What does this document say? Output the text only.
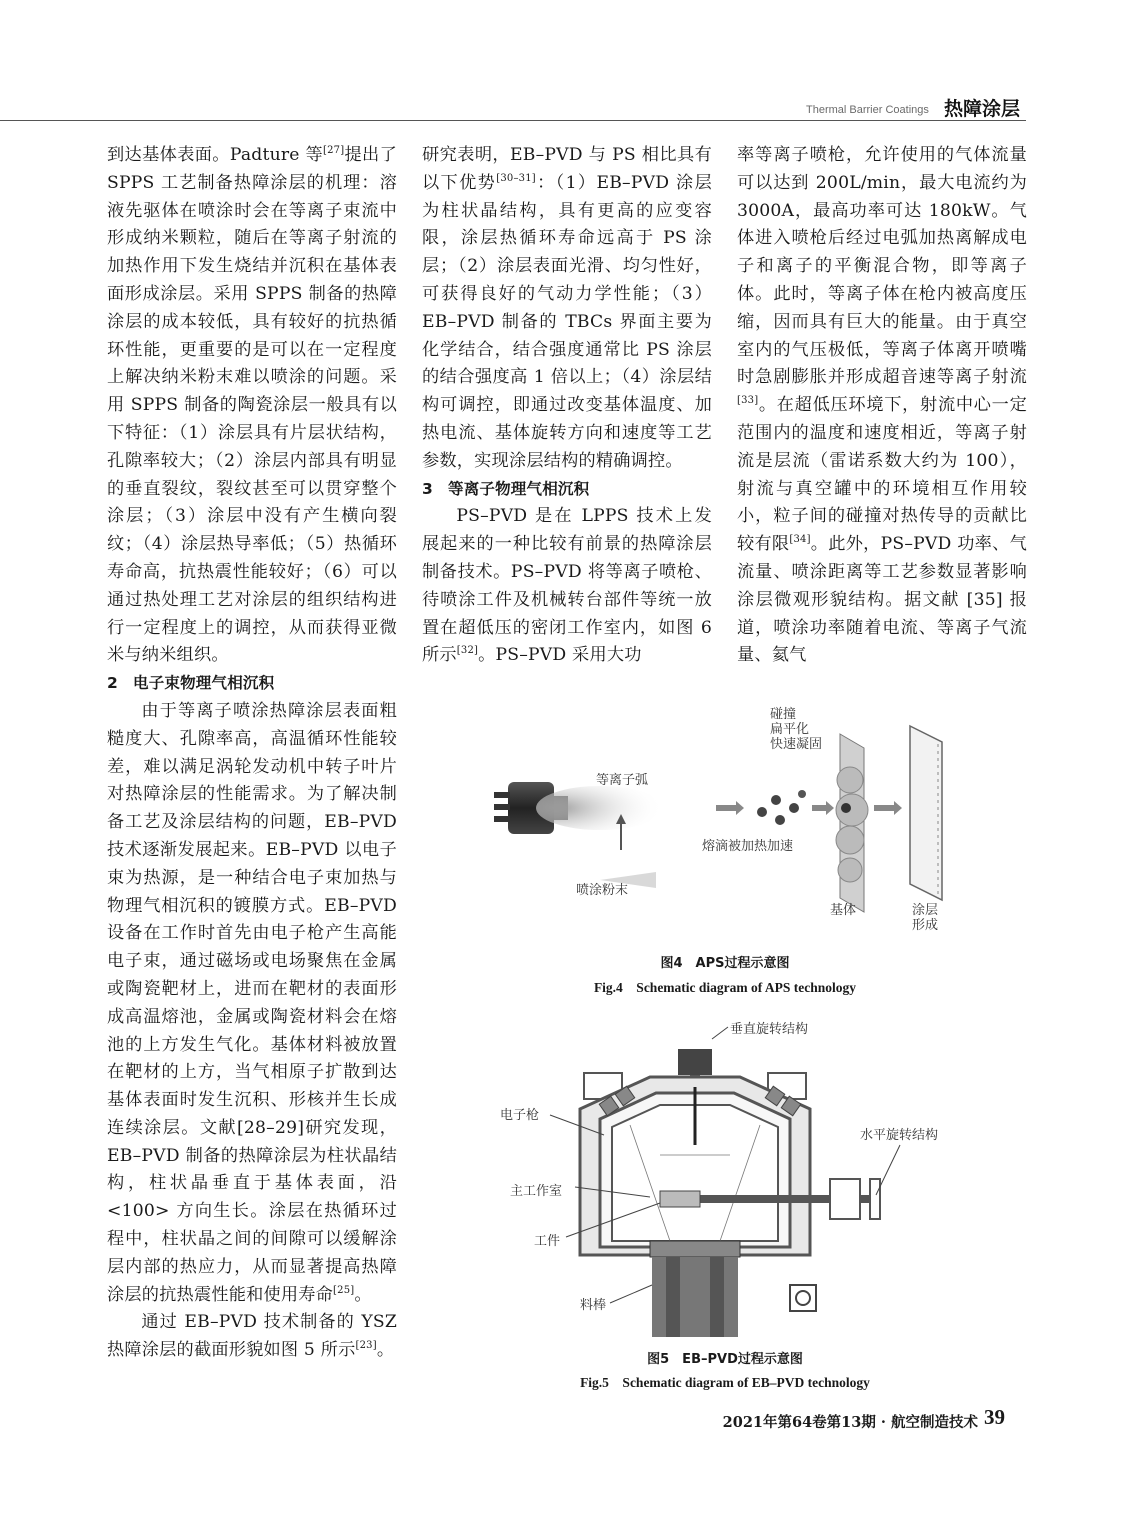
Thermal Barrier Coatings 热障涂层

到达基体表面。Padture 等[27]提出了 SPPS 工艺制备热障涂层的机理：溶液先驱体在喷涂时会在等离子束流中形成纳米颗粒，随后在等离子射流的加热作用下发生烧结并沉积在基体表面形成涂层。采用 SPPS 制备的热障涂层的成本较低，具有较好的抗热循环性能，更重要的是可以在一定程度上解决纳米粉末难以喷涂的问题。采用 SPPS 制备的陶瓷涂层一般具有以下特征：（1）涂层具有片层状结构，孔隙率较大；（2）涂层内部具有明显的垂直裂纹，裂纹甚至可以贯穿整个涂层；（3）涂层中没有产生横向裂纹；（4）涂层热导率低；（5）热循环寿命高，抗热震性能较好；（6）可以通过热处理工艺对涂层的组织结构进行一定程度上的调控，从而获得亚微米与纳米组织。

2 电子束物理气相沉积

由于等离子喷涂热障涂层表面粗糙度大、孔隙率高，高温循环性能较差，难以满足涡轮发动机中转子叶片对热障涂层的性能需求。为了解决制备工艺及涂层结构的问题，EB–PVD 技术逐渐发展起来。EB–PVD 以电子束为热源，是一种结合电子束加热与物理气相沉积的镀膜方式。EB–PVD 设备在工作时首先由电子枪产生高能电子束，通过磁场或电场聚焦在金属或陶瓷靶材上，进而在靶材的表面形成高温熔池，金属或陶瓷材料会在熔池的上方发生气化。基体材料被放置在靶材的上方，当气相原子扩散到达基体表面时发生沉积、形核并生长成连续涂层。文献[28–29]研究发现，EB–PVD 制备的热障涂层为柱状晶结构，柱状晶垂直于基体表面，沿 <100> 方向生长。涂层在热循环过程中，柱状晶之间的间隙可以缓解涂层内部的热应力，从而显著提高热障涂层的抗热震性能和使用寿命[25]。

通过 EB–PVD 技术制备的 YSZ 热障涂层的截面形貌如图 5 所示[23]。

研究表明，EB–PVD 与 PS 相比具有以下优势[30–31]：（1）EB–PVD 涂层为柱状晶结构，具有更高的应变容限，涂层热循环寿命远高于 PS 涂层；（2）涂层表面光滑、均匀性好，可获得良好的气动力学性能；（3）EB–PVD 制备的 TBCs 界面主要为化学结合，结合强度通常比 PS 涂层的结合强度高 1 倍以上；（4）涂层结构可调控，即通过改变基体温度、加热电流、基体旋转方向和速度等工艺参数，实现涂层结构的精确调控。

3 等离子物理气相沉积

PS–PVD 是在 LPPS 技术上发展起来的一种比较有前景的热障涂层制备技术。PS–PVD 将等离子喷枪、待喷涂工件及机械转台部件等统一放置在超低压的密闭工作室内，如图 6 所示[32]。PS–PVD 采用大功

率等离子喷枪，允许使用的气体流量可以达到 200L/min，最大电流约为 3000A，最高功率可达 180kW。气体进入喷枪后经过电弧加热离解成电子和离子的平衡混合物，即等离子体。此时，等离子体在枪内被高度压缩，因而具有巨大的能量。由于真空室内的气压极低，等离子体离开喷嘴时急剧膨胀并形成超音速等离子射流[33]。在超低压环境下，射流中心一定范围内的温度和速度相近，等离子射流是层流（雷诺系数大约为 100），射流与真空罐中的环境相互作用较小，粒子间的碰撞对热传导的贡献比较有限[34]。此外，PS–PVD 功率、气流量、喷涂距离等工艺参数显著影响涂层微观形貌结构。据文献 [35] 报道，喷涂功率随着电流、等离子气流量、氦气

等离子弧
喷涂粉末
熔滴被加热加速
碰撞
扁平化
快速凝固
基体	涂层
形成
图4　APS过程示意图
Fig.4　Schematic diagram of APS technology
垂直旋转结构
电子枪
水平旋转结构
主工作室
工件
料棒
图5　EB–PVD过程示意图
Fig.5　Schematic diagram of EB–PVD technology
2021年第64卷第13期 · 航空制造技术 39
